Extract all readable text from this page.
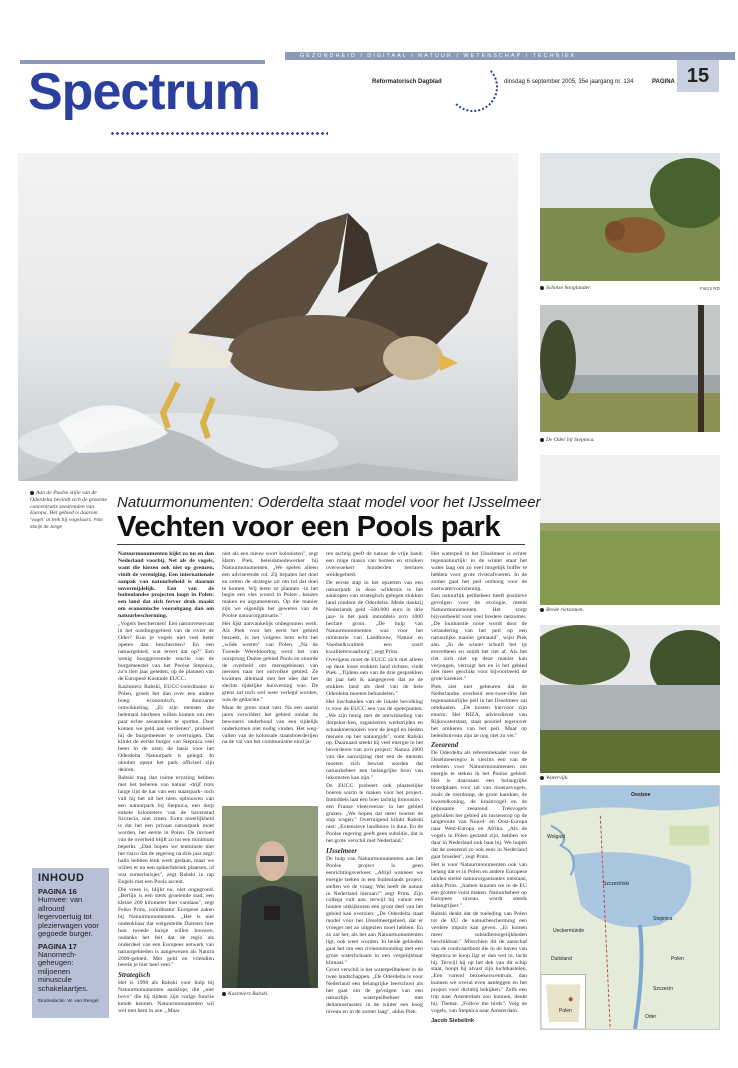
GEZONDHEID / DIGITAAL / NATUUR / WETENSCHAP / TECHNIEK
Spectrum	Reformatorisch Dagblad	dinsdag 6 september 2005, 35e jaargang nr. 134	PAGINA 15
Aan de Poolse stijle van de Oderdelta bevindt zich de grootste concentratie zeearenden van Europa. Het gebied is daarom 'vogel' in trek bij vogelaars. Foto Marijn de Jonge
Schotse hooglander.	Foto's RD
De Oder bij Stepnica.
Brede rietzomen.
Watervijk.
Natuurmonumenten: Oderdelta staat model voor het IJsselmeer
Vechten voor een Pools park

Natuurmonumenten kijkt zo nu en dan Nederland voorbij. Net als de vogels, want die kiezen ook niet op grenzen, vindt de vereniging. Een internationale aanpak van natuurbeheid is daarom onvermijdelijk. Een van de buitenlandse projecten loopt in Polen: een land dat zich fervor druk maakt om economische vooruitgang dan om natuurbescherming.

„Vogels beschermen! Een natuurreservaat in het oosdingsgebied van de rivier de Oder? Kun je vogels niet veel beter opeten dan beschermen? En een natuurgebied, wat levert dat op?" Een wenig hooggeroemde reactie van de burgemeester van het Poolse Stepnica, zo'n tien jaar geleden, op de plannen van de Europese Kustunie EUCC.

Kazimierz Rabski, EUCC-coördinator in Polen, groeit het dan over een andere boeg: economisch, duurzame ontwikkeling. „Er zijn mensen die helemaal hierheen willen komen om een paar echte zeearenden te spotten. Daar komen we geld aan verdienen", probeert hij de burgemeester te overtuigen. Dat klinkt de eerste burger van Stepnica veel beter in de oren; de basis voor het Oderdelta Natuurpark is gelegd. In oktober opent het park officieel zijn deuren.

Rabski mag dan ruime ervaring hebben met het beheren van natuur -drijf trots lange tijd de kar van een staatspark- toch valt hij het uit het niets opbouwen van een natuurpark bij Stepnica, een dorp enkele kilometers van de havenstad Szczecin, niet zitten. Extra moeilijkheid is dat het een privaat natuurpark moet worden, het eerste in Polen. De invloed van de overheid blijft zo tot een minimum beperkt. „Dan hopen we tenminste niet het risico dat de regering na drie jaar zegt: hallo hebben leuk werk gedaan, maar we willen er nu een spikerfabriek plaatsen, of wat zomerhuisjes", zegt Rabski in rap Engels met een Pools accent.

Die vrees is, blijkt nu, niet ongegrond. „Berlijn is een sterk groeiende stad, een kleine 200 kilometer hier vandaan", zegt Feiko Prins, coördinator Europese zaken bij Natuurmonumenten. „Het is niet ondenkbaar dat welgestelde Duitsers hier hun tweede huisje willen bouwen, ondanks het feit dat de regio als onderdeel van een Europees netwerk van natuurgebieden is aangewezen als Natura 2000-gebied. Met geld en vriendien bereik je hier heel veel."

Strategisch

Het is 1998 als Rabski voor hulp bij Natuurmonumenten aanklopt, die „niet bovo" die bij tijdens zijn vorige functie kende kennen. Natuurmonumenten wil wel met hem in zee. „Maar

niet als een nieuw soort kolonisten", zegt Harm Piek, beleidsmedewerker bij Natuurmonumenten. „We spelen alleen een adviserende rol. Zij bepalen het doel en zetten de strategie uit om tot dat doel te komen. Wij leren ze plannen -in het begin een vies woord in Polen-, keuzes maken en argumenteren. Op die manier zijn we eigenlijk het geweten van de Poolse natuurorganisatie."

Het lijkt aanvankelijk onbegonnen werk. Als Piek voor het eerst het gebied bezoekt, is het volgens hem echt het „wilde westen" van Polen. „Na de Tweede Wereldoorlog werd het van oorsprong Duitse gebied Pools en stuurde de overheid om mensgebiesen van mensen naar het ontvolkte gebied. Ze kwamen allemaal met het idee dat het slechts tijdelijke huisvesting was. De grens zal toch wel weer verlegd worden, was de gedachte."

Maar de grens staat vast. Na een aantal jaren verwildert het gebied omdat de bewoners onderhoud van een tijdelijk onderkomen niet nodig vinden. Het weg-vallen van de kolossale staatsboerderijen na de val van het communisme eind ja-

ren tachtig geeft de natuur de vrije hand; een ruige massa van bomen en struiken overwoekert honderden hectares weidegebied.

De eerste stap in het opzetten van een natuurpark in deze wildernis is het aankopen van strategisch gelegen stukken land rondom de Oderdelta. Mede dankzij Nederlands geld -500.000 euro in drie jaar- is het park inmiddels zo'n 1000 hectare groot. „De hulp van Natuurmonumenten was voor het ministerie van Landbouw, Natuur en Voedselkwaliteit een soort kwaliteitswaarborg", zegt Prins.

Overigens moet de EUCC zich niet alleen op deze losse stukken land richten, vindt Piek. „Tijdens een van de drie gesprekken dit jaar heb ik aangegeven dat ze de stukken land als deel van de hele Oderdelta moeten behandelen."

Het inschakelen van de lokale bevolking is voor de EUCC een van de speerpunten. „We zijn bezig met de ontwikkeling van dorpsker-ken, organiseren wedstrijden en schaaktoernooien voor de jeugd en bieden mensen op het natuurgids", somt Rabski op. Daarnaast steekt hij veel energie in het bevorderen van zo'n project: Natura 2000 van die aanwijzing met een de mensen moeten zich bewust worden dat natuurbeheer een belangrijke bron van inkomsten kan zijn."

De EUCC probeert ook plaatselijke boeren warm te maken voor het project. Inmiddels laat één boer tachtig limousins -een Franse vleesveeras- in het gebied grazen. „We hopen dat meer boeren de stap wagen." Overtuigend klinkt Rabski niet: „Extensieve landbouw is duur. En de Poolse regering geeft geen subsidie, dat is het grote verschil met Nederland."

IJsselmeer

De hulp van Natuurmonumenten aan het Poolse project is geen eenrichtingsverkeer. „Altijd wanneer we energie steken in een buitenlands project, stellen we de vraag: Wat heeft de natuur in Nederland hieraan?" zegt Prins. Zijn collega vult aan, terwijl hij vanuit een houten uitkijktoren een groot deel van het gebied kan overzien: „De Oderdelta staat model voor het IJsselmeergebied, dat er vroeger net zo uitgezien moet hebben. En zo zal het, als het aan Natuurmonumenten ligt, ook weer worden. In beide gebieden gaat het om een rivierenmonding met een groot waterlichaam in een vergelijkbaar klimaat."

Groot verschil is het waterpeilbeheer in de twee landschappen. „De Oderdelta is voor Nederland een belangrijke leerschool als het gaat om de gevolgen van een natuurlijk waterpeilbeheer met deltamoerassen: in de winter een hoog niveau en in de zomer laag", aldus Piek.

Het waterpeil in het IJsselmeer is echter tegennatuurlijk: in de winter staat het water laag om zo veel mogelijk buffer te hebben voor grote rivierafvoeren. In de zomer gaat het peil omhoog voor de zoetwatervoorziening.

Een natuurlijk peilbeheer heeft positieve gevolgen voor de ecologie, meent Natuurmonumenten. Het zorgt bijvoorbeeld voor veel bredere rietzomes. „De huidonstie nooe wordt door de verandering van het peil op een natuurlijke manier gemaaid", wijst Piek aan. „In de winter schuift het ijs erovetheen en snijdt het riet af. Als het riet zich niet op deze manier kan verjongen, verruigt het en is het gebied niet meer geschikt voor bijvoorbeeld de grote karekiet."

Piek ziet niet gebeuren dat de Nederlandse overheid een-twee-drie het tegennatuurlijke peil in het IJsselmeer zal omdraaien. „De kosten hiervoor zijn enorm. Het RIZA, adviesdienst van Rijkswaterstaat, staat positief tegenover het omkeren van het peil. Maar op beleidsniveau zijn ze nog niet zo ver."

Zeearend

De Oderdelta als referentiekader voor de IJsselmeerregio is slechts een van de redenen voor Natuurmonumenten om energie te steken in het Poolse gebied. Het is daarnaast een belangrijke broedplaats voor tal van moerasvogels, zoals de roerdomp, de grote karekiet, de kwartelkoning, de kraanvogel en de imposante zeearend. Trekvogels gebruiken het gebied als tussenstop op de langeroute van Noord- en Oost-Europa naar West-Europa en Afrika. „Als de vogels in Polen gestand zijn, hebben we daar in Nederland ook baat bij. We hopen dat de zeearend zo ook eens in Nederland gaat broeden", zegt Prins.

Het is voor Natuurmonumenten ook van belang dat er in Polen en andere Europese landen sterke natuurorganisaties ontstaan, aldus Prins. „Samen kunnen we in de EU een grotere vuist maken. Natuurbeheer op Europees niveau wordt steeds belangrijker."

Rabski denkt dat de toeleding van Polen tot de EU de natuurbescherming een verdere impuls kan geven. „Er komen meer subsidiemogelijkheden beschikbaar." Misschien dit de aanschaf van de rondvaartboot die in de haven van Stepnica te koop ligt er dan wel in, lacht hij. Terwijl hij op het dek van dit schip staat, hoopt hij alvast zijn luchtkastelen. „Een varend bezoekerscentrum, dan kunnen we overal even aanleggen en het project voor dichtbij bekijken." Zelfs een trip naar Amsterdam zou kunnen, denkt hij. Thema: „Follow the birds". Volg de vogels, van Stepnica naar Amsterdam.

Jacob Siebelink

Kazimierz Rabski.
INHOUD
PAGINA 16
Humvee: van allround legervoertuig tot plezierwagen voor gegoede burger.
PAGINA 17
Nanomech-geheugen: miljoenen minuscule schakelaartjes.
Eindredactie: W. van Rengel
Oostzee
Szczeciński
Wolgast
Ueckermünde
Stepnica
Szczecin
Duitsland	Polen
Oder
Polen
